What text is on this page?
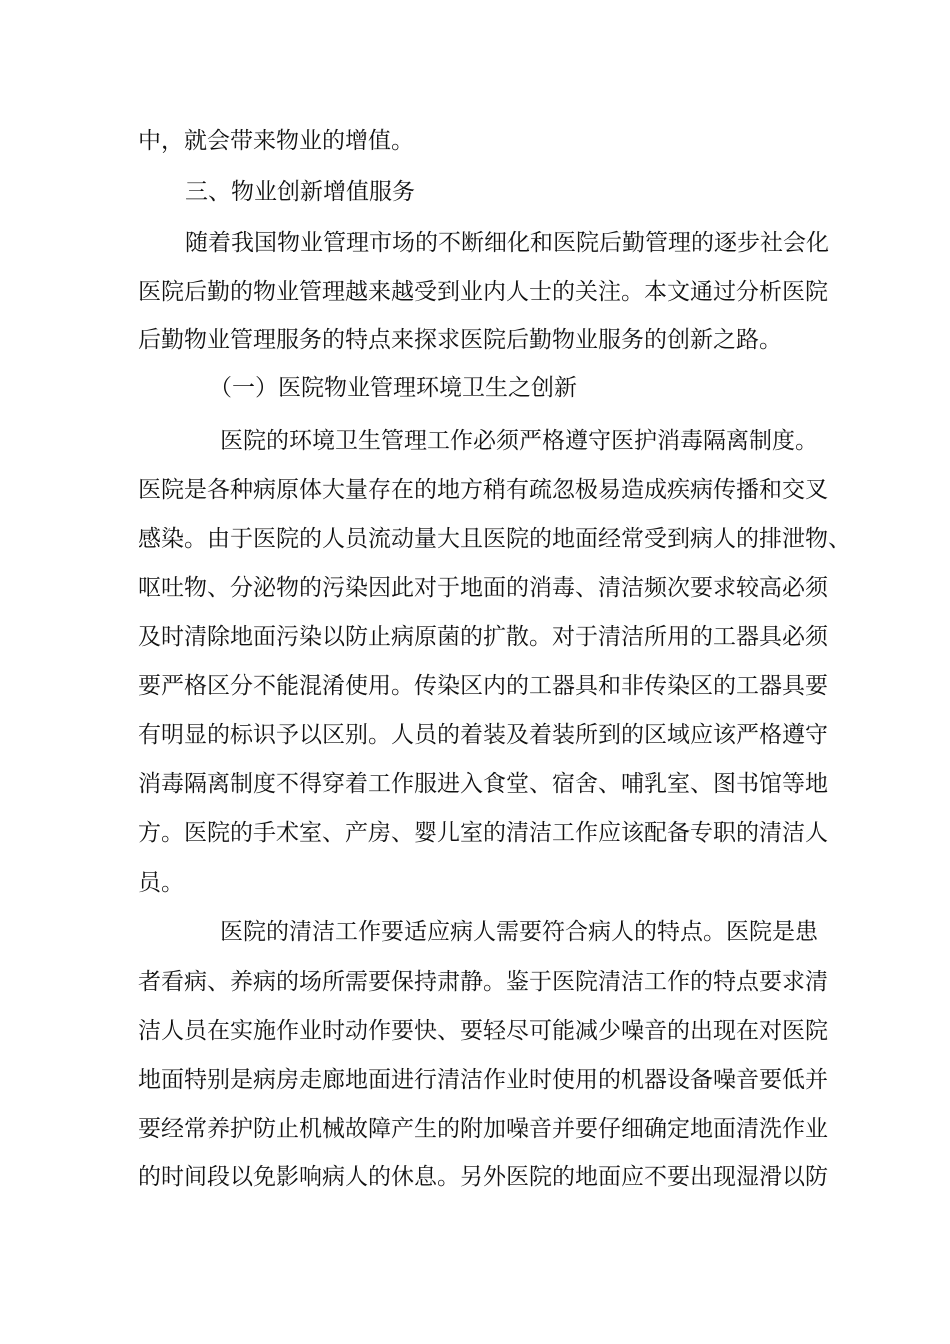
中，就会带来物业的增值。
三、物业创新增值服务
随着我国物业管理市场的不断细化和医院后勤管理的逐步社会化
医院后勤的物业管理越来越受到业内人士的关注。本文通过分析医院
后勤物业管理服务的特点来探求医院后勤物业服务的创新之路。
（一）医院物业管理环境卫生之创新
医院的环境卫生管理工作必须严格遵守医护消毒隔离制度。
医院是各种病原体大量存在的地方稍有疏忽极易造成疾病传播和交叉
感染。由于医院的人员流动量大且医院的地面经常受到病人的排泄物、
呕吐物、分泌物的污染因此对于地面的消毒、清洁频次要求较高必须
及时清除地面污染以防止病原菌的扩散。对于清洁所用的工器具必须
要严格区分不能混淆使用。传染区内的工器具和非传染区的工器具要
有明显的标识予以区别。人员的着装及着装所到的区域应该严格遵守
消毒隔离制度不得穿着工作服进入食堂、宿舍、哺乳室、图书馆等地
方。医院的手术室、产房、婴儿室的清洁工作应该配备专职的清洁人
员。
医院的清洁工作要适应病人需要符合病人的特点。医院是患
者看病、养病的场所需要保持肃静。鉴于医院清洁工作的特点要求清
洁人员在实施作业时动作要快、要轻尽可能减少噪音的出现在对医院
地面特别是病房走廊地面进行清洁作业时使用的机器设备噪音要低并
要经常养护防止机械故障产生的附加噪音并要仔细确定地面清洗作业
的时间段以免影响病人的休息。另外医院的地面应不要出现湿滑以防
